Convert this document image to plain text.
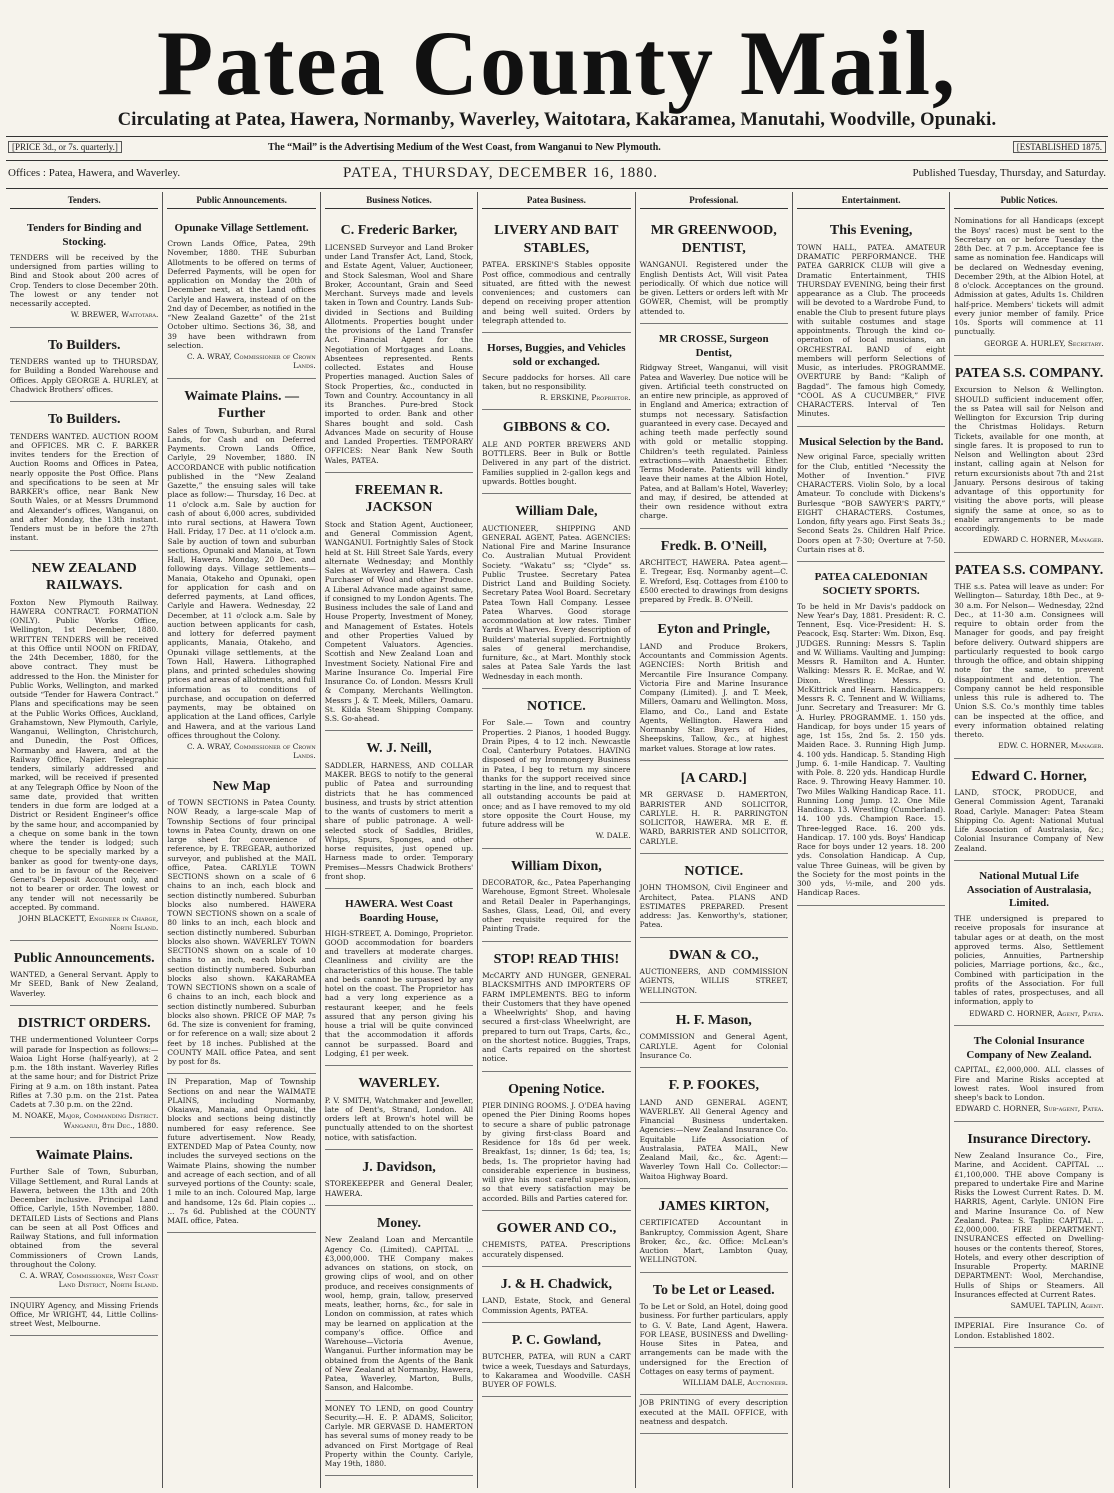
Patea County Mail,
Circulating at Patea, Hawera, Normanby, Waverley, Waitotara, Kakaramea, Manutahi, Woodville, Opunaki.
[PRICE 3d., or 7s. quarterly.]	The “Mail” is the Advertising Medium of the West Coast, from Wanganui to New Plymouth.	[ESTABLISHED 1875.
Offices : Patea, Hawera, and Waverley.	PATEA, THURSDAY, DECEMBER 16, 1880.	Published Tuesday, Thursday, and Saturday.
Tenders.
Tenders for Binding and Stocking.

TENDERS will be received by the undersigned from parties willing to Bind and Stook about 200 acres of Crop. Tenders to close December 20th. The lowest or any tender not necessarily accepted.

W. BREWER, Waitotara.

To Builders.

TENDERS wanted up to THURSDAY, for Building a Bonded Warehouse and Offices. Apply GEORGE A. HURLEY, at Chadwick Brothers' offices.

To Builders.

TENDERS WANTED. AUCTION ROOM and OFFICES. MR C. F. BARKER invites tenders for the Erection of Auction Rooms and Offices in Patea, nearly opposite the Post Office. Plans and specifications to be seen at Mr BARKER's office, near Bank New South Wales, or at Messrs Drummond and Alexander's offices, Wanganui, on and after Monday, the 13th instant. Tenders must be in before the 27th instant.

NEW ZEALAND RAILWAYS.

Foxton New Plymouth Railway. HAWERA CONTRACT. FORMATION (ONLY). Public Works Office, Wellington, 1st December, 1880. WRITTEN TENDERS will be received at this Office until NOON on FRIDAY, the 24th December, 1880, for the above contract. They must be addressed to the Hon. the Minister for Public Works, Wellington, and marked outside “Tender for Hawera Contract.” Plans and specifications may be seen at the Public Works Offices, Auckland, Grahamstown, New Plymouth, Carlyle, Wanganui, Wellington, Christchurch, and Dunedin, the Post Offices, Normanby and Hawera, and at the Railway Office, Napier. Telegraphic tenders, similarly addressed and marked, will be received if presented at any Telegraph Office by Noon of the same date, provided that written tenders in due form are lodged at a District or Resident Engineer's office by the same hour, and accompanied by a cheque on some bank in the town where the tender is lodged; such cheque to be specially marked by a banker as good for twenty-one days, and to be in favour of the Receiver-General's Deposit Account only, and not to bearer or order. The lowest or any tender will not necessarily be accepted. By command.

JOHN BLACKETT, Engineer in Charge, North Island.

Public Announcements.

WANTED, a General Servant. Apply to Mr SEED, Bank of New Zealand, Waverley.

DISTRICT ORDERS.

THE undermentioned Volunteer Corps will parade for Inspection as follows:— Waioa Light Horse (half-yearly), at 2 p.m. the 18th instant. Waverley Rifles at the same hour; and for District Prize Firing at 9 a.m. on 18th instant. Patea Rifles at 7.30 p.m. on the 21st. Patea Cadets at 7.30 p.m. on the 22nd.

M. NOAKE, Major, Commanding District. Wanganui, 8th Dec., 1880.

Waimate Plains.

Further Sale of Town, Suburban, Village Settlement, and Rural Lands at Hawera, between the 13th and 20th December inclusive. Principal Land Office, Carlyle, 15th November, 1880. DETAILED Lists of Sections and Plans can be seen at all Post Offices and Railway Stations, and full information obtained from the several Commissioners of Crown Lands, throughout the Colony.

C. A. WRAY, Commissioner, West Coast Land District, North Island.

INQUIRY Agency, and Missing Friends Office, Mr WRIGHT, 44, Little Collins-street West, Melbourne.

Public Announcements.
Opunake Village Settlement.

Crown Lands Office, Patea, 29th November, 1880. THE Suburban Allotments to be offered on terms of Deferred Payments, will be open for application on Monday the 20th of December next, at the Land offices Carlyle and Hawera, instead of on the 2nd day of December, as notified in the “New Zealand Gazette” of the 21st October ultimo. Sections 36, 38, and 39 have been withdrawn from selection.

C. A. WRAY, Commissioner of Crown Lands.

Waimate Plains. — Further

Sales of Town, Suburban, and Rural Lands, for Cash and on Deferred Payments. Crown Lands Office, Carlyle, 29 November, 1880. IN ACCORDANCE with public notification published in the “New Zealand Gazette,” the ensuing sales will take place as follow:— Thursday, 16 Dec. at 11 o'clock a.m. Sale by auction for cash of about 6,000 acres, subdivided into rural sections, at Hawera Town Hall. Friday, 17 Dec. at 11 o'clock a.m. Sale by auction of town and suburban sections, Opunaki and Manaia, at Town Hall, Hawera. Monday, 20 Dec. and following days. Village settlements— Manaia, Otakeho and Opunaki, open for application for cash and on deferred payments, at Land offices, Carlyle and Hawera. Wednesday, 22 December, at 11 o'clock a.m. Sale by auction between applicants for cash, and lottery for deferred payment applicants, Manaia, Otakeho, and Opunaki village settlements, at the Town Hall, Hawera. Lithographed plans, and printed schedules showing prices and areas of allotments, and full information as to conditions of purchase, and occupation on deferred payments, may be obtained on application at the Land offices, Carlyle and Hawera, and at the various Land offices throughout the Colony.

C. A. WRAY, Commissioner of Crown Lands.

New Map

of TOWN SECTIONS in Patea County. NOW Ready, a large-scale Map of Township Sections of four principal towns in Patea County, drawn on one large sheet for convenience of reference, by E. TREGEAR, authorized surveyor, and published at the MAIL office, Patea. CARLYLE TOWN SECTIONS shown on a scale of 6 chains to an inch, each block and section distinctly numbered. Suburban blocks also numbered. HAWERA TOWN SECTIONS shown on a scale of 80 links to an inch, each block and section distinctly numbered. Suburban blocks also shown. WAVERLEY TOWN SECTIONS shown on a scale of 10 chains to an inch, each block and section distinctly numbered. Suburban blocks also shown. KAKARAMEA TOWN SECTIONS shown on a scale of 6 chains to an inch, each block and section distinctly numbered. Suburban blocks also shown. PRICE OF MAP, 7s 6d. The size is convenient for framing, or for reference on a wall; size about 2 feet by 18 inches. Published at the COUNTY MAIL office Patea, and sent by post for 8s.

IN Preparation, Map of Township Sections on and near the WAIMATE PLAINS, including Normanby, Okaiawa, Manaia, and Opunaki, the blocks and sections being distinctly numbered for easy reference. See future advertisement. Now Ready, EXTENDED Map of Patea County, now includes the surveyed sections on the Waimate Plains, showing the number and acreage of each section, and of all surveyed portions of the County: scale, 1 mile to an inch. Coloured Map, large and handsome, 12s 6d. Plain copies ... ... 7s 6d. Published at the COUNTY MAIL office, Patea.

Business Notices.
C. Frederic Barker,

LICENSED Surveyor and Land Broker under Land Transfer Act, Land, Stock, and Estate Agent, Valuer, Auctioneer, and Stock Salesman, Wool and Share Broker, Accountant, Grain and Seed Merchant. Surveys made and levels taken in Town and Country. Lands Sub-divided in Sections and Building Allotments. Properties bought under the provisions of the Land Transfer Act. Financial Agent for the Negotiation of Mortgages and Loans. Absentees represented. Rents collected. Estates and House Properties managed. Auction Sales of Stock Properties, &c., conducted in Town and Country. Accountancy in all its Branches. Pure-bred Stock imported to order. Bank and other Shares bought and sold. Cash Advances Made on security of House and Landed Properties. TEMPORARY OFFICES: Near Bank New South Wales, PATEA.

FREEMAN R. JACKSON

Stock and Station Agent, Auctioneer, and General Commission Agent, WANGANUI. Fortnightly Sales of Stock held at St. Hill Street Sale Yards, every alternate Wednesday; and Monthly Sales at Waverley and Hawera. Cash Purchaser of Wool and other Produce. A Liberal Advance made against same, if consigned to my London Agents. The Business includes the sale of Land and House Property, Investment of Money, and Management of Estates. Hotels and other Properties Valued by Competent Valuators. Agencies. Scottish and New Zealand Loan and Investment Society. National Fire and Marine Insurance Co. Imperial Fire Insurance Co. of London. Messrs Krull & Company, Merchants Wellington. Messrs J. & T. Meek, Millers, Oamaru. St. Kilda Steam Shipping Company. S.S. Go-ahead.

W. J. Neill,

SADDLER, HARNESS, AND COLLAR MAKER. BEGS to notify to the general public of Patea and surrounding districts that he has commenced business, and trusts by strict attention to the wants of customers to merit a share of public patronage. A well-selected stock of Saddles, Bridles, Whips, Spurs, Sponges, and other horse requisites, just opened up. Harness made to order. Temporary Premises—Messrs Chadwick Brothers' front shop.

HAWERA. West Coast Boarding House,

HIGH-STREET, A. Domingo, Proprietor. GOOD accommodation for boarders and travellers at moderate charges. Cleanliness and civility are the characteristics of this house. The table and beds cannot be surpassed by any hotel on the coast. The Proprietor has had a very long experience as a restaurant keeper, and he feels assured that any person giving his house a trial will be quite convinced that the accommodation it affords cannot be surpassed. Board and Lodging, £1 per week.

WAVERLEY.

P. V. SMITH, Watchmaker and Jeweller, late of Dent's, Strand, London. All orders left at Brown's hotel will be punctually attended to on the shortest notice, with satisfaction.

J. Davidson,

STOREKEEPER and General Dealer, HAWERA.

Money.

New Zealand Loan and Mercantile Agency Co. (Limited). CAPITAL ... £3,000,000. THE Company makes advances on stations, on stock, on growing clips of wool, and on other produce, and receives consignments of wool, hemp, grain, tallow, preserved meats, leather, horns, &c., for sale in London on commission, at rates which may be learned on application at the company's office. Office and Warehouse—Victoria Avenue, Wanganui. Further information may be obtained from the Agents of the Bank of New Zealand at Normanby, Hawera, Patea, Waverley, Marton, Bulls, Sanson, and Halcombe.

MONEY TO LEND, on good Country Security.—H. E. P. ADAMS, Solicitor, Carlyle. MR GERVASE D. HAMERTON has several sums of money ready to be advanced on First Mortgage of Real Property within the County. Carlyle, May 19th, 1880.

Patea Business.
LIVERY AND BAIT STABLES,

PATEA. ERSKINE'S Stables opposite Post office, commodious and centrally situated, are fitted with the newest conveniences; and customers can depend on receiving proper attention and being well suited. Orders by telegraph attended to.

Horses, Buggies, and Vehicles sold or exchanged.

Secure paddocks for horses. All care taken, but no responsibility.

R. ERSKINE, Proprietor.

GIBBONS & CO.

ALE AND PORTER BREWERS AND BOTTLERS. Beer in Bulk or Bottle Delivered in any part of the district. Families supplied in 2-gallon kegs and upwards. Bottles bought.

William Dale,

AUCTIONEER, SHIPPING AND GENERAL AGENT, Patea. AGENCIES: National Fire and Marine Insurance Co. Australian Mutual Provident Society. “Wakatu” ss; “Clyde” ss. Public Trustee. Secretary Patea District Land and Building Society. Secretary Patea Wool Board. Secretary Patea Town Hall Company. Lessee Patea Wharves. Good storage accommodation at low rates. Timber Yards at Wharves. Every description of Builders' material supplied. Fortnightly sales of general merchandise, furniture, &c., at Mart. Monthly stock sales at Patea Sale Yards the last Wednesday in each month.

NOTICE.

For Sale.— Town and country Properties. 2 Pianos, 1 hooded Buggy. Drain Pipes, 4 to 12 inch. Newcastle Coal, Canterbury Potatoes. HAVING disposed of my Ironmongery Business in Patea, I beg to return my sincere thanks for the support received since starting in the line, and to request that all outstanding accounts be paid at once; and as I have removed to my old store opposite the Court House, my future address will be

W. DALE.

William Dixon,

DECORATOR, &c., Patea Paperhanging Warehouse, Egmont Street. Wholesale and Retail Dealer in Paperhangings, Sashes, Glass, Lead, Oil, and every other requisite required for the Painting Trade.

STOP! READ THIS!

McCARTY AND HUNGER, GENERAL BLACKSMITHS AND IMPORTERS OF FARM IMPLEMENTS. BEG to inform their Customers that they have opened a Wheelwrights' Shop, and having secured a first-class Wheelwright, are prepared to turn out Traps, Carts, &c., on the shortest notice. Buggies, Traps, and Carts repaired on the shortest notice.

Opening Notice.

PIER DINING ROOMS. J. O'DEA having opened the Pier Dining Rooms hopes to secure a share of public patronage by giving first-class Board and Residence for 18s 6d per week. Breakfast, 1s; dinner, 1s 6d; tea, 1s; beds, 1s. The proprietor having had considerable experience in business, will give his most careful supervision, so that every satisfaction may be accorded. Bills and Parties catered for.

GOWER AND CO.,

CHEMISTS, PATEA. Prescriptions accurately dispensed.

J. & H. Chadwick,

LAND, Estate, Stock, and General Commission Agents, PATEA.

P. C. Gowland,

BUTCHER, PATEA, will RUN a CART twice a week, Tuesdays and Saturdays, to Kakaramea and Woodville. CASH BUYER OF FOWLS.

Professional.
MR GREENWOOD, DENTIST,

WANGANUI. Registered under the English Dentists Act, Will visit Patea periodically. Of which due notice will be given. Letters or orders left with Mr GOWER, Chemist, will be promptly attended to.

MR CROSSE, Surgeon Dentist,

Ridgway Street, Wanganui, will visit Patea and Waverley. Due notice will be given. Artificial teeth constructed on an entire new principle, as approved of in England and America; extraction of stumps not necessary. Satisfaction guaranteed in every case. Decayed and aching teeth made perfectly sound with gold or metallic stopping. Children's teeth regulated. Painless extractions—with Anaesthetic Ether. Terms Moderate. Patients will kindly leave their names at the Albion Hotel, Patea, and at Ballam's Hotel, Waverley; and may, if desired, be attended at their own residence without extra charge.

Fredk. B. O'Neill,

ARCHITECT, HAWERA. Patea agent—E. Tregear, Esq. Normanby agent—C. E. Wreford, Esq. Cottages from £100 to £500 erected to drawings from designs prepared by Fredk. B. O'Neill.

Eyton and Pringle,

LAND and Produce Brokers, Accountants and Commission Agents. AGENCIES: North British and Mercantile Fire Insurance Company. Victoria Fire and Marine Insurance Company (Limited). J. and T. Meek, Millers, Oamaru and Wellington. Moss, Elamo, and Co., Land and Estate Agents, Wellington. Hawera and Normanby Star. Buyers of Hides, Sheepskins, Tallow, &c., at highest market values. Storage at low rates.

[A CARD.]

MR GERVASE D. HAMERTON, BARRISTER AND SOLICITOR, CARLYLE. H. R. PARRINGTON SOLICITOR, HAWERA. MR E. ff. WARD, BARRISTER AND SOLICITOR, CARLYLE.

NOTICE.

JOHN THOMSON, Civil Engineer and Architect, Patea. PLANS AND ESTIMATES PREPARED. Present address: Jas. Kenworthy's, stationer, Patea.

DWAN & CO.,

AUCTIONEERS, AND COMMISSION AGENTS, WILLIS STREET, WELLINGTON.

H. F. Mason,

COMMISSION and General Agent, CARLYLE. Agent for Colonial Insurance Co.

F. P. FOOKES,

LAND AND GENERAL AGENT, WAVERLEY. All General Agency and Financial Business undertaken. Agencies:—New Zealand Insurance Co. Equitable Life Association of Australasia, PATEA MAIL, New Zealand Mail, &c., &c. Agent:—Waverley Town Hall Co. Collector:—Waitoa Highway Board.

JAMES KIRTON,

CERTIFICATED Accountant in Bankruptcy, Commission Agent, Share Broker, &c., &c. Office: McLean's Auction Mart, Lambton Quay, WELLINGTON.

To be Let or Leased.

To be Let or Sold, an Hotel, doing good business. For further particulars, apply to G. V. Bate, Land Agent, Hawera. FOR LEASE, BUSINESS and Dwelling-House Sites in Patea, and arrangements can be made with the undersigned for the Erection of Cottages on easy terms of payment.

WILLIAM DALE, Auctioneer.

JOB PRINTING of every description executed at the MAIL OFFICE, with neatness and despatch.

Entertainment.
This Evening,

TOWN HALL, PATEA. AMATEUR DRAMATIC PERFORMANCE. THE PATEA GARRICK CLUB will give a Dramatic Entertainment, THIS THURSDAY EVENING, being their first appearance as a Club. The proceeds will be devoted to a Wardrobe Fund, to enable the Club to present future plays with suitable costumes and stage appointments. Through the kind co-operation of local musicians, an ORCHESTRAL BAND of eight members will perform Selections of Music, as interludes. PROGRAMME. OVERTURE by Band: “Kaliph of Bagdad”. The famous high Comedy, “COOL AS A CUCUMBER,” FIVE CHARACTERS. Interval of Ten Minutes.

Musical Selection by the Band.

New original Farce, specially written for the Club, entitled “Necessity the Mother of Invention.” FIVE CHARACTERS. Violin Solo, by a local Amateur. To conclude with Dickens's Burlesque “BOB SAWYER'S PARTY,” EIGHT CHARACTERS. Costumes, London, fifty years ago. First Seats 3s.; Second Seats 2s. Children Half Price. Doors open at 7-30; Overture at 7-50. Curtain rises at 8.

PATEA CALEDONIAN SOCIETY SPORTS.

To be held in Mr Davis's paddock on New Year's Day, 1881. President: R. C. Tennent, Esq. Vice-President: H. S. Peacock, Esq. Starter: Wm. Dixon, Esq. JUDGES. Running: Messrs S. Taplin and W. Williams. Vaulting and Jumping: Messrs R. Hamilton and A. Hunter. Walking: Messrs R. E. McRae, and W. Dixon. Wrestling: Messrs. O. McKittrick and Hearn. Handicappers: Messrs R. C. Tennent and W. Williams, Junr. Secretary and Treasurer: Mr G. A. Hurley. PROGRAMME. 1. 150 yds. Handicap, for boys under 15 years of age, 1st 15s, 2nd 5s. 2. 150 yds. Maiden Race. 3. Running High Jump. 4. 100 yds. Handicap. 5. Standing High Jump. 6. 1-mile Handicap. 7. Vaulting with Pole. 8. 220 yds. Handicap Hurdle Race. 9. Throwing Heavy Hammer. 10. Two Miles Walking Handicap Race. 11. Running Long Jump. 12. One Mile Handicap. 13. Wrestling (Cumberland). 14. 100 yds. Champion Race. 15. Three-legged Race. 16. 200 yds. Handicap. 17. 100 yds. Boys' Handicap Race for boys under 12 years. 18. 200 yds. Consolation Handicap. A Cup, value Three Guineas, will be given by the Society for the most points in the 300 yds, ½-mile, and 200 yds. Handicap Races.

Public Notices.

Nominations for all Handicaps (except the Boys' races) must be sent to the Secretary on or before Tuesday the 28th Dec. at 7 p.m. Acceptance fee is same as nomination fee. Handicaps will be declared on Wednesday evening, December 29th, at the Albion Hotel, at 8 o'clock. Acceptances on the ground. Admission at gates, Adults 1s. Children half-price. Members' tickets will admit every junior member of family. Price 10s. Sports will commence at 11 punctually.

GEORGE A. HURLEY, Secretary.

PATEA S.S. COMPANY.

Excursion to Nelson & Wellington. SHOULD sufficient inducement offer, the ss Patea will sail for Nelson and Wellington for Excursion Trip during the Christmas Holidays. Return Tickets, available for one month, at single fares. It is proposed to run to Nelson and Wellington about 23rd instant, calling again at Nelson for return excursionists about 7th and 21st January. Persons desirous of taking advantage of this opportunity for visiting the above ports, will please signify the same at once, so as to enable arrangements to be made accordingly.

EDWARD C. HORNER, Manager.

PATEA S.S. COMPANY.

THE s.s. Patea will leave as under: For Wellington— Saturday, 18th Dec., at 9-30 a.m. For Nelson— Wednesday, 22nd Dec., at 11-30 a.m. Consignees will require to obtain order from the Manager for goods, and pay freight before delivery. Outward shippers are particularly requested to book cargo through the office, and obtain shipping note for the same, to prevent disappointment and detention. The Company cannot be held responsible unless this rule is adhered to. The Union S.S. Co.'s monthly time tables can be inspected at the office, and every information obtained relating thereto.

EDW. C. HORNER, Manager.

Edward C. Horner,

LAND, STOCK, PRODUCE, and General Commission Agent, Taranaki Road, Carlyle. Manager: Patea Steam Shipping Co. Agent: National Mutual Life Association of Australasia, &c.; Colonial Insurance Company of New Zealand.

National Mutual Life Association of Australasia, Limited.

THE undersigned is prepared to receive proposals for insurance at tabular ages or at death, on the most approved terms. Also, Settlement policies, Annuities, Partnership policies, Marriage portions, &c., &c., Combined with participation in the profits of the Association. For full tables of rates, prospectuses, and all information, apply to

EDWARD C. HORNER, Agent, Patea.

The Colonial Insurance Company of New Zealand.

CAPITAL, £2,000,000. ALL classes of Fire and Marine Risks accepted at lowest rates. Wool insured from sheep's back to London.

EDWARD C. HORNER, Sub-agent, Patea.

Insurance Directory.

New Zealand Insurance Co., Fire, Marine, and Accident. CAPITAL ... £1,100,000. THE above Company is prepared to undertake Fire and Marine Risks the Lowest Current Rates. D. M. HARRIS, Agent, Carlyle. UNION Fire and Marine Insurance Co. of New Zealand. Patea: S. Taplin: CAPITAL ... £2,000,000. FIRE DEPARTMENT: INSURANCES effected on Dwelling-houses or the contents thereof, Stores, Hotels, and every other description of Insurable Property. MARINE DEPARTMENT: Wool, Merchandise, Hulls of Ships or Steamers. All Insurances effected at Current Rates.

SAMUEL TAPLIN, Agent.

IMPERIAL Fire Insurance Co. of London. Established 1802.
